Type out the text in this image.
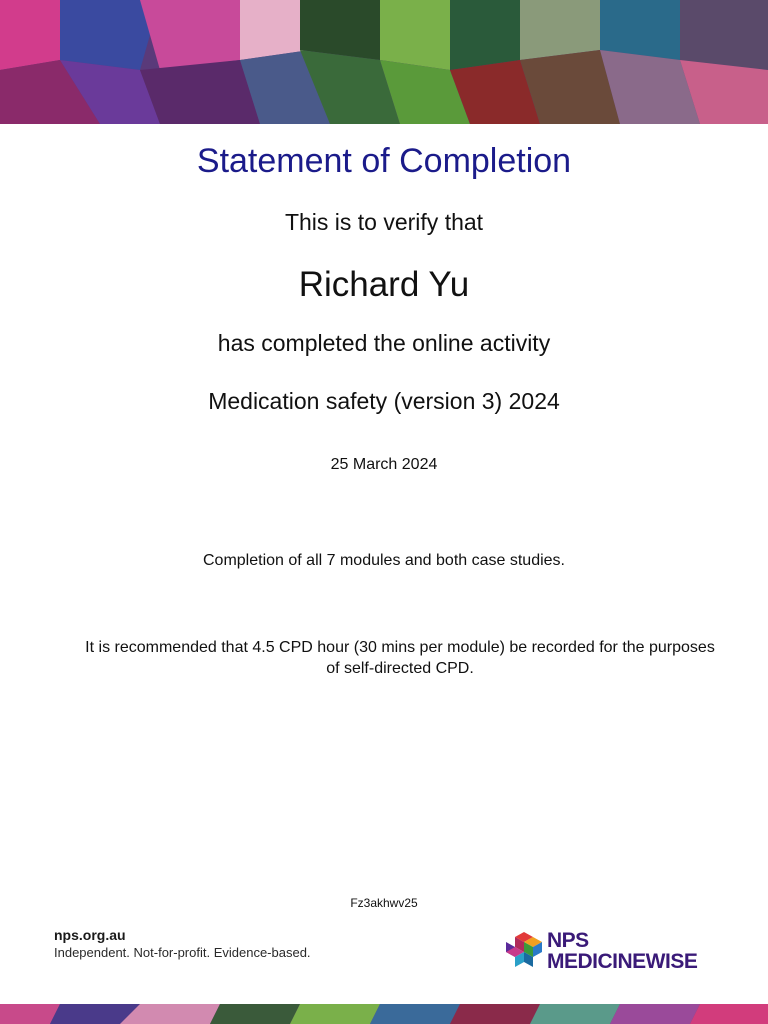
Statement of Completion
This is to verify that
Richard Yu
has completed the online activity
Medication safety (version 3) 2024
25 March 2024
Completion of all 7 modules and both case studies.
It is recommended that 4.5 CPD hour (30 mins per module) be recorded for the purposes of self-directed CPD.
Fz3akhwv25
nps.org.au
Independent. Not-for-profit. Evidence-based.
NPS
MEDICINEWISE
